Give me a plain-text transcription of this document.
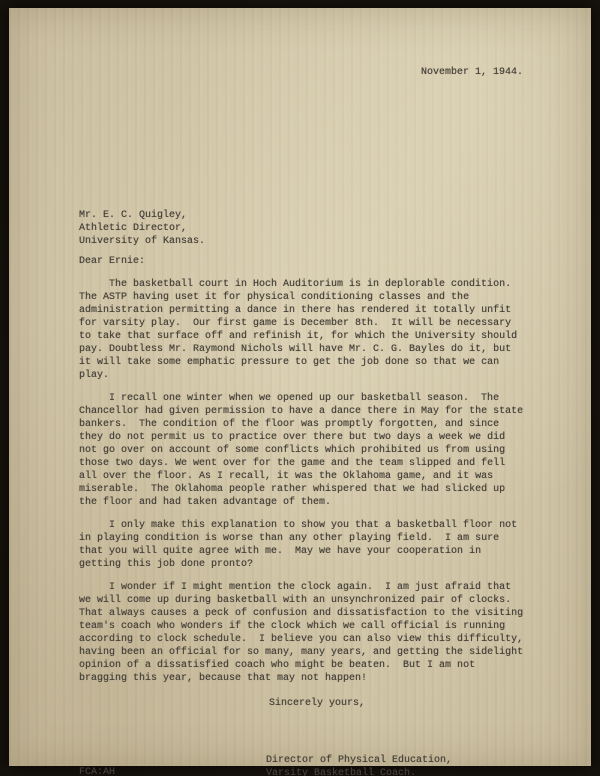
November 1, 1944.
Mr. E. C. Quigley,
Athletic Director,
University of Kansas.
Dear Ernie:

The basketball court in Hoch Auditorium is in deplorable condition. The ASTP having uset it for physical conditioning classes and the administration permitting a dance in there has rendered it totally unfit for varsity play.  Our first game is December 8th.  It will be necessary to take that surface off and refinish it, for which the University should pay. Doubtless Mr. Raymond Nichols will have Mr. C. G. Bayles do it, but it will take some emphatic pressure to get the job done so that we can play.

I recall one winter when we opened up our basketball season.  The Chancellor had given permission to have a dance there in May for the state bankers.  The condition of the floor was promptly forgotten, and since they do not permit us to practice over there but two days a week we did not go over on account of some conflicts which prohibited us from using those two days. We went over for the game and the team slipped and fell all over the floor. As I recall, it was the Oklahoma game, and it was miserable.  The Oklahoma people rather whispered that we had slicked up the floor and had taken advantage of them.

I only make this explanation to show you that a basketball floor not in playing condition is worse than any other playing field.  I am sure that you will quite agree with me.  May we have your cooperation in getting this job done pronto?

I wonder if I might mention the clock again.  I am just afraid that we will come up during basketball with an unsynchronized pair of clocks.  That always causes a peck of confusion and dissatisfaction to the visiting team's coach who wonders if the clock which we call official is running according to clock schedule.  I believe you can also view this difficulty, having been an official for so many, many years, and getting the sidelight opinion of a dissatisfied coach who might be beaten.  But I am not bragging this year, because that may not happen!

Sincerely yours,
FCA:AH
Director of Physical Education,
Varsity Basketball Coach.
